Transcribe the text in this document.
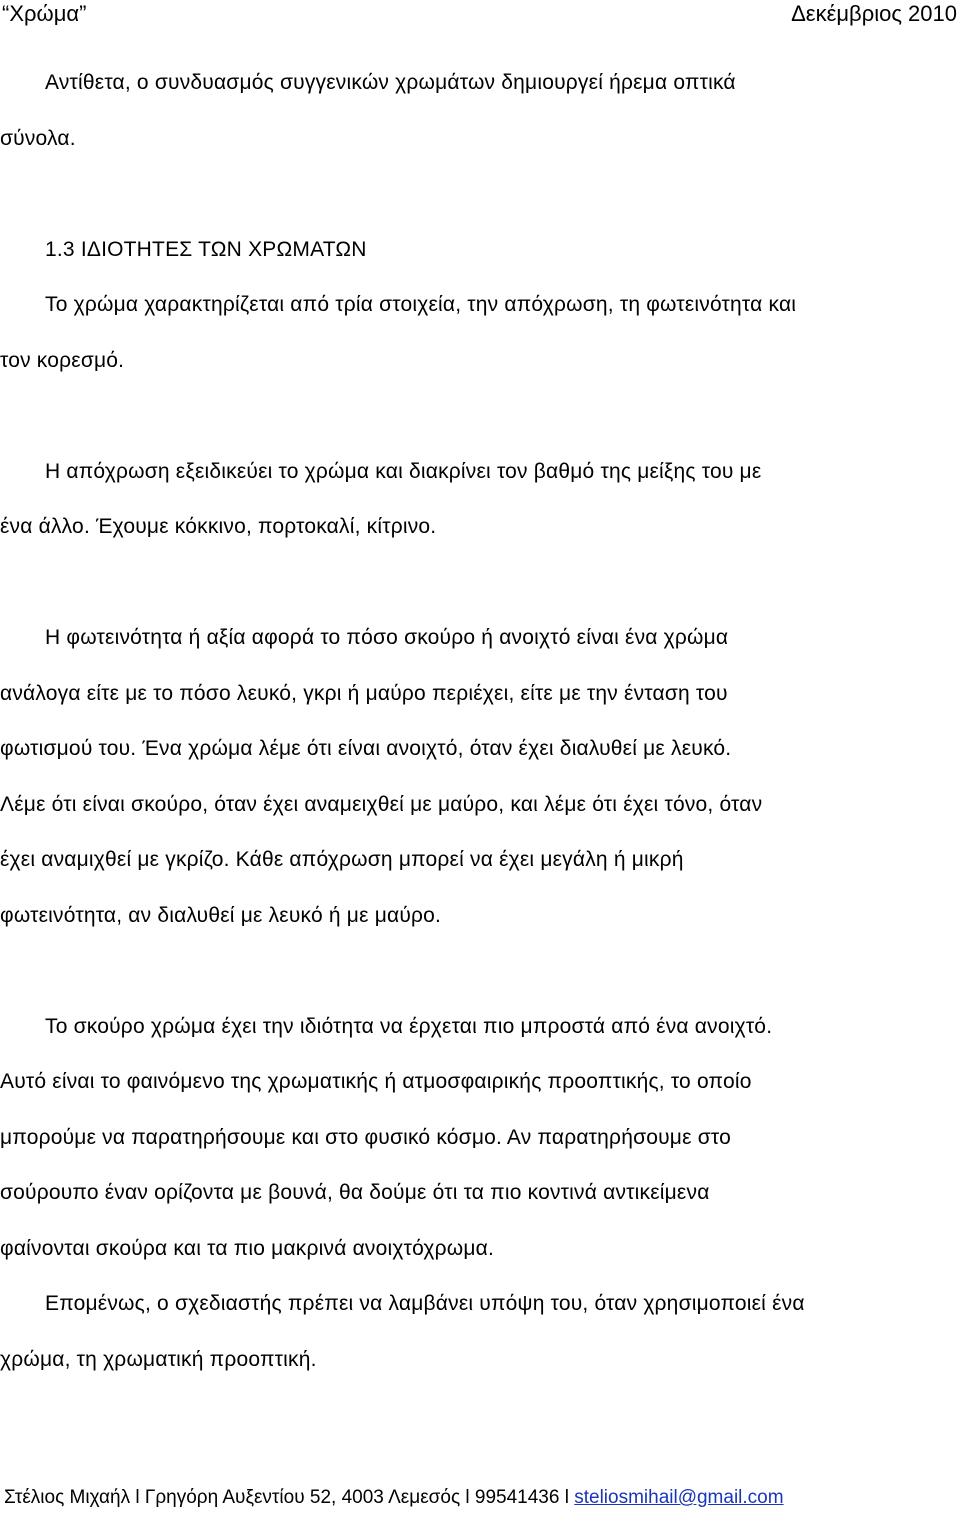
“Χρώμα”	Δεκέμβριος 2010
Αντίθετα, ο συνδυασμός συγγενικών χρωμάτων δημιουργεί ήρεμα οπτικά
σύνολα.
1.3 ΙΔΙΟΤΗΤΕΣ ΤΩΝ ΧΡΩΜΑΤΩΝ
Το χρώμα χαρακτηρίζεται από τρία στοιχεία, την απόχρωση, τη φωτεινότητα και
τον κορεσμό.
Η απόχρωση εξειδικεύει το χρώμα και διακρίνει τον βαθμό της μείξης του με
ένα άλλο. Έχουμε κόκκινο, πορτοκαλί, κίτρινο.
Η φωτεινότητα ή αξία αφορά το πόσο σκούρο ή ανοιχτό είναι ένα χρώμα
ανάλογα είτε με το πόσο λευκό, γκρι ή μαύρο περιέχει, είτε με την ένταση του
φωτισμού του. Ένα χρώμα λέμε ότι είναι ανοιχτό, όταν έχει διαλυθεί με λευκό.
Λέμε ότι είναι σκούρο, όταν έχει αναμειχθεί με μαύρο, και λέμε ότι έχει τόνο, όταν
έχει αναμιχθεί με γκρίζο. Κάθε απόχρωση μπορεί να έχει μεγάλη ή μικρή
φωτεινότητα, αν διαλυθεί με λευκό ή με μαύρο.
Το σκούρο χρώμα έχει την ιδιότητα να έρχεται πιο μπροστά από ένα ανοιχτό.
Αυτό είναι το φαινόμενο της χρωματικής ή ατμοσφαιρικής προοπτικής, το οποίο
μπορούμε να παρατηρήσουμε και στο φυσικό κόσμο. Αν παρατηρήσουμε στο
σούρουπο έναν ορίζοντα με βουνά, θα δούμε ότι τα πιο κοντινά αντικείμενα
φαίνονται σκούρα και τα πιο μακρινά ανοιχτόχρωμα.
Επομένως, ο σχεδιαστής πρέπει να λαμβάνει υπόψη του, όταν χρησιμοποιεί ένα
χρώμα, τη χρωματική προοπτική.
Στέλιος Μιχαήλ l Γρηγόρη Αυξεντίου 52, 4003 Λεμεσός l 99541436 l steliosmihail@gmail.com
